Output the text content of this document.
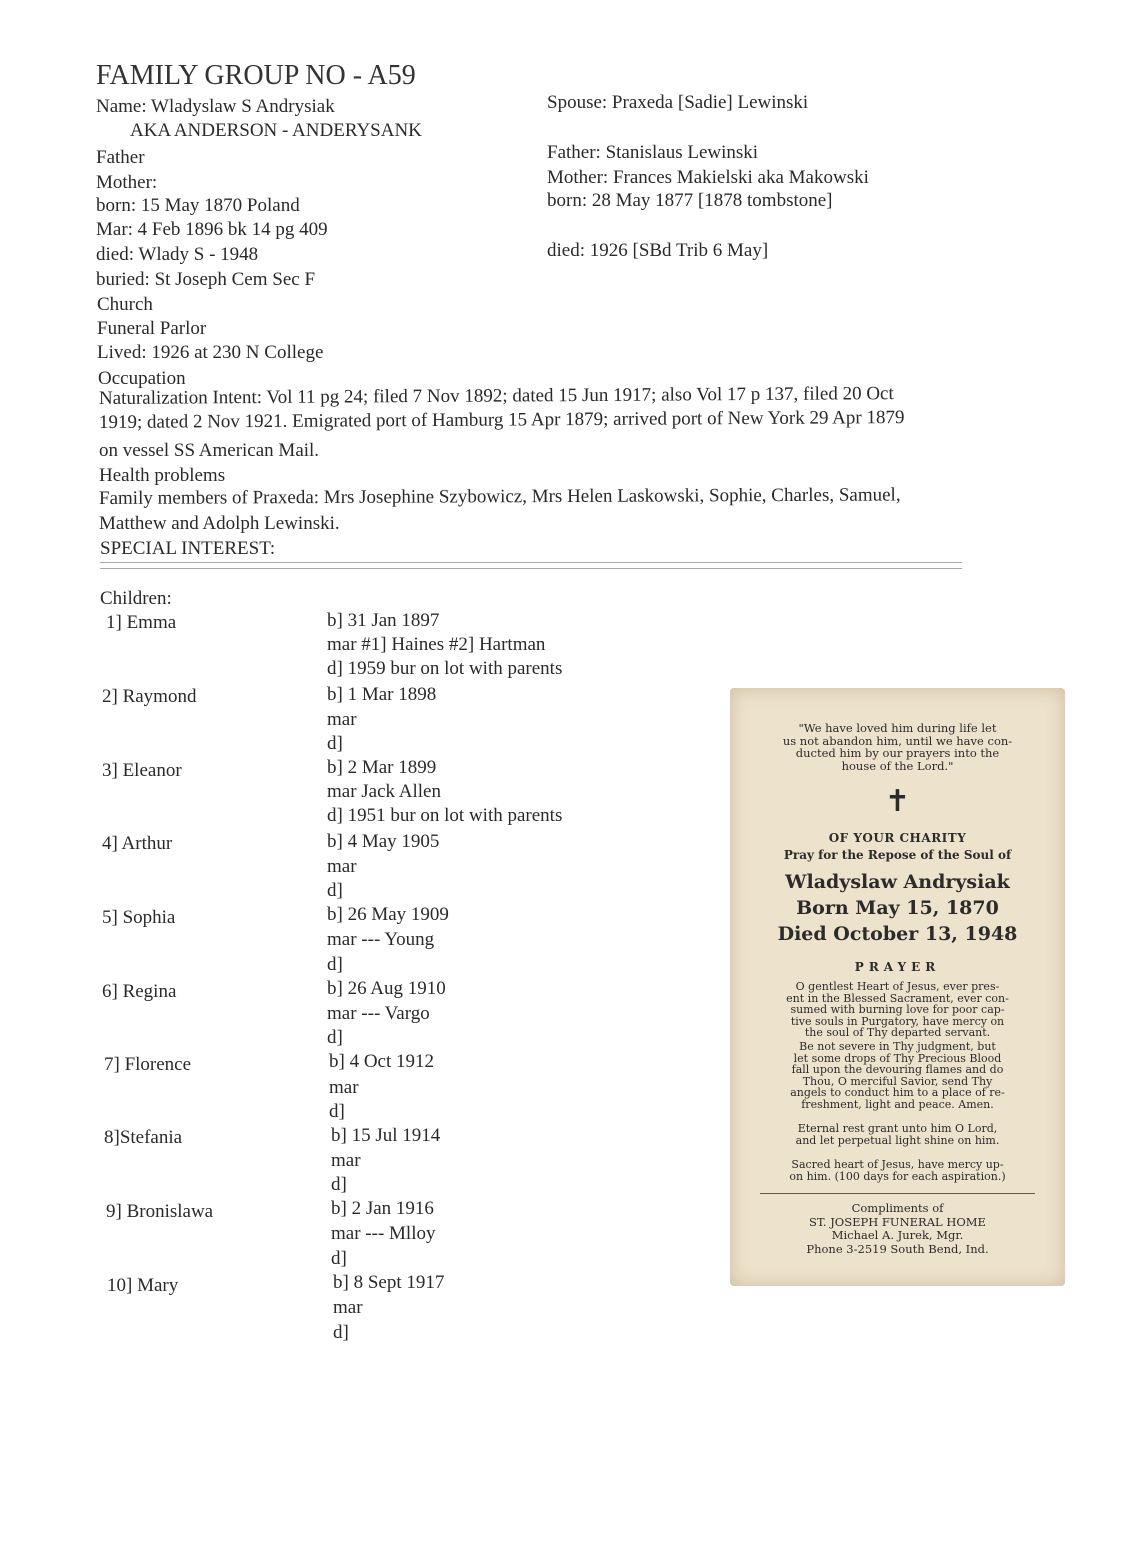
FAMILY GROUP NO - A59
Name: Wladyslaw S Andrysiak
AKA ANDERSON - ANDERYSANK
Father
Mother:
born: 15 May 1870 Poland
Mar: 4 Feb 1896 bk 14 pg 409
died: Wlady S - 1948
buried: St Joseph Cem Sec F
Church
Funeral Parlor
Lived: 1926 at 230 N College
Occupation
Spouse: Praxeda [Sadie] Lewinski
Father: Stanislaus Lewinski
Mother: Frances Makielski aka Makowski
born: 28 May 1877 [1878 tombstone]
died: 1926 [SBd Trib 6 May]
Naturalization Intent: Vol 11 pg 24; filed 7 Nov 1892; dated 15 Jun 1917; also Vol 17 p 137, filed 20 Oct
1919; dated 2 Nov 1921. Emigrated port of Hamburg 15 Apr 1879; arrived port of New York 29 Apr 1879
on vessel SS American Mail.
Health problems
Family members of Praxeda: Mrs Josephine Szybowicz, Mrs Helen Laskowski, Sophie, Charles, Samuel,
Matthew and Adolph Lewinski.
SPECIAL INTEREST:
Children:
1] Emma	b] 31 Jan 1897
mar #1] Haines #2] Hartman
d] 1959 bur on lot with parents
2] Raymond	b] 1 Mar 1898
mar
d]
3] Eleanor	b] 2 Mar 1899
mar Jack Allen
d] 1951 bur on lot with parents
4] Arthur	b] 4 May 1905
mar
d]
5] Sophia	b] 26 May 1909
mar --- Young
d]
6] Regina	b] 26 Aug 1910
mar --- Vargo
d]
7] Florence	b] 4 Oct 1912
mar
d]
8]Stefania	b] 15 Jul 1914
mar
d]
9] Bronislawa	b] 2 Jan 1916
mar --- Mlloy
d]
10] Mary	b] 8 Sept 1917
mar
d]
"We have loved him during life let
us not abandon him, until we have con-
ducted him by our prayers into the
house of the Lord."
✝
OF YOUR CHARITY
Pray for the Repose of the Soul of
Wladyslaw Andrysiak
Born May 15, 1870
Died October 13, 1948
PRAYER
O gentlest Heart of Jesus, ever pres-
ent in the Blessed Sacrament, ever con-
sumed with burning love for poor cap-
tive souls in Purgatory, have mercy on
the soul of Thy departed servant.
Be not severe in Thy judgment, but
let some drops of Thy Precious Blood
fall upon the devouring flames and do
Thou, O merciful Savior, send Thy
angels to conduct him to a place of re-
freshment, light and peace. Amen.
Eternal rest grant unto him O Lord,
and let perpetual light shine on him.
Sacred heart of Jesus, have mercy up-
on him. (100 days for each aspiration.)
Compliments of
ST. JOSEPH FUNERAL HOME
Michael A. Jurek, Mgr.
Phone 3-2519 South Bend, Ind.
